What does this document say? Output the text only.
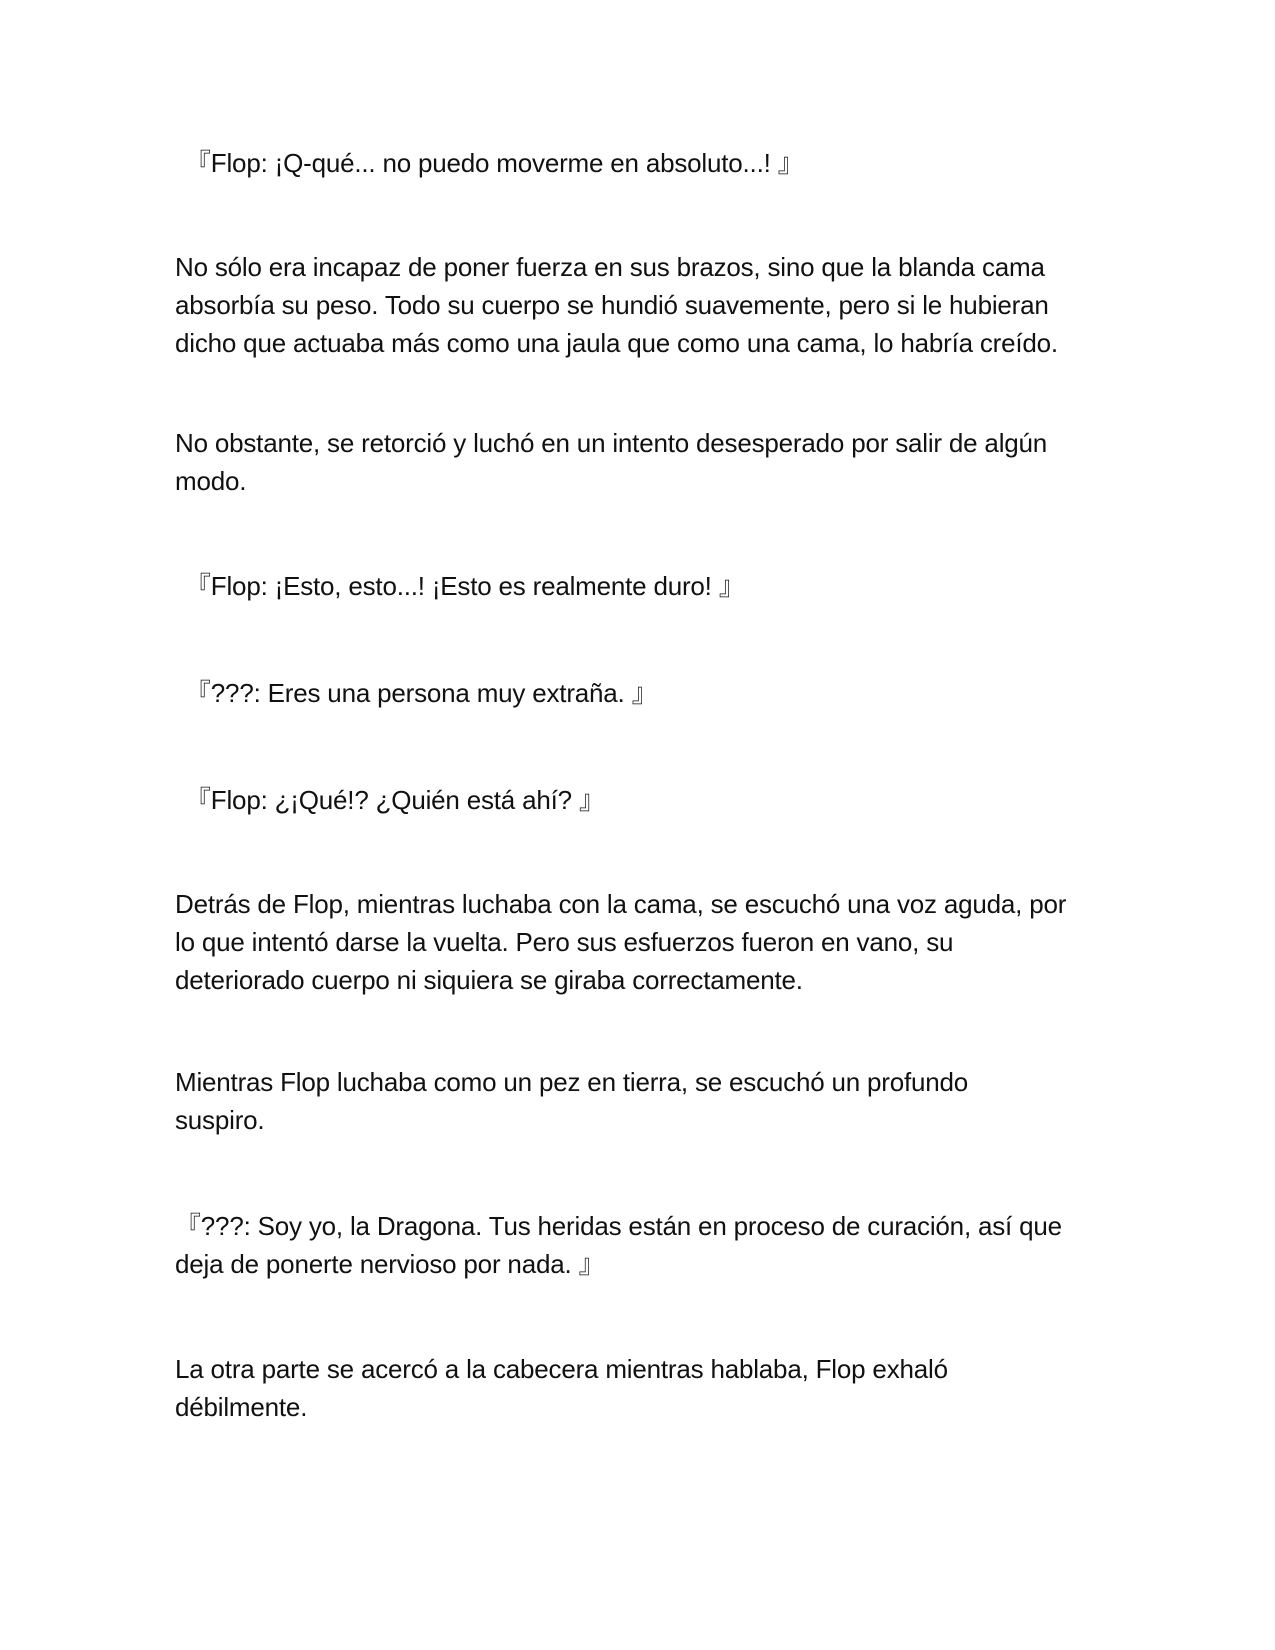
『Flop: ¡Q-qué... no puedo moverme en absoluto...! 』

No sólo era incapaz de poner fuerza en sus brazos, sino que la blanda cama
absorbía su peso. Todo su cuerpo se hundió suavemente, pero si le hubieran
dicho que actuaba más como una jaula que como una cama, lo habría creído.

No obstante, se retorció y luchó en un intento desesperado por salir de algún
modo.

『Flop: ¡Esto, esto...! ¡Esto es realmente duro! 』

『???: Eres una persona muy extraña. 』

『Flop: ¿¡Qué!? ¿Quién está ahí? 』

Detrás de Flop, mientras luchaba con la cama, se escuchó una voz aguda, por
lo que intentó darse la vuelta. Pero sus esfuerzos fueron en vano, su
deteriorado cuerpo ni siquiera se giraba correctamente.

Mientras Flop luchaba como un pez en tierra, se escuchó un profundo
suspiro.

『???: Soy yo, la Dragona. Tus heridas están en proceso de curación, así que
deja de ponerte nervioso por nada. 』

La otra parte se acercó a la cabecera mientras hablaba, Flop exhaló
débilmente.
